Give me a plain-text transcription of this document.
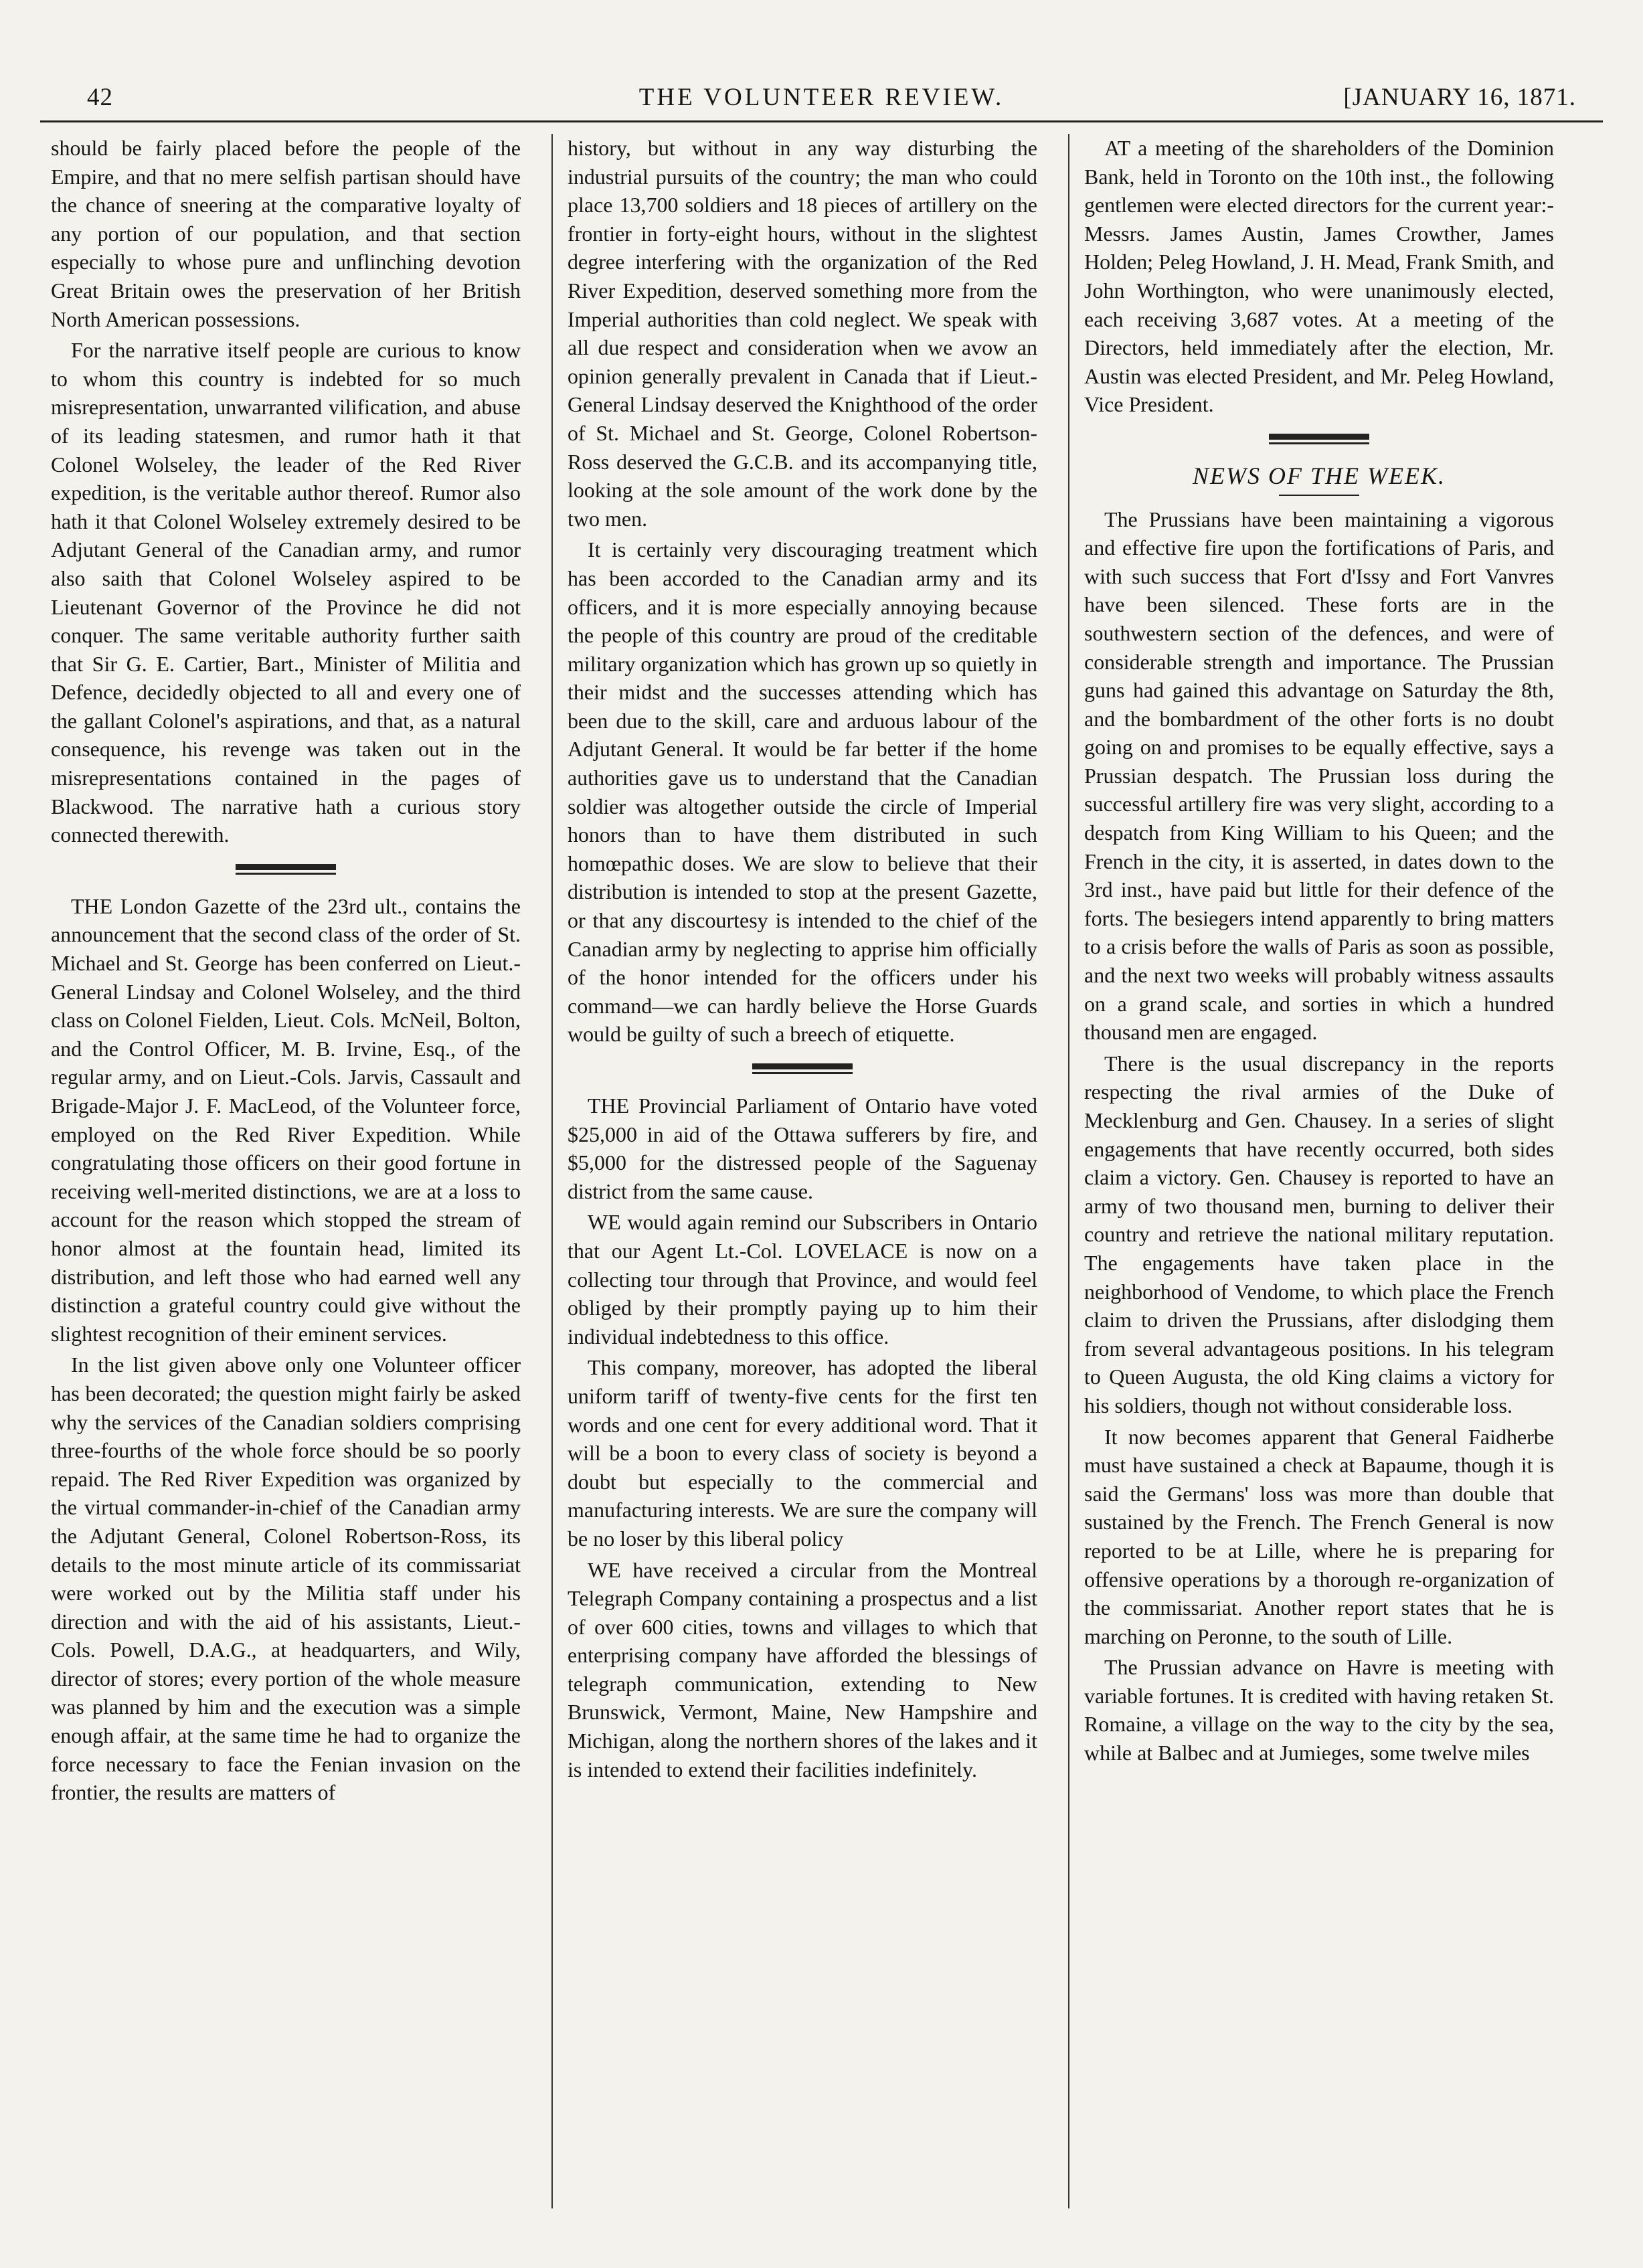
42	THE VOLUNTEER REVIEW.	[JANUARY 16, 1871.

should be fairly placed before the people of the Empire, and that no mere selfish partisan should have the chance of sneering at the comparative loyalty of any portion of our population, and that section especially to whose pure and unflinching devotion Great Britain owes the preservation of her British North American possessions.

For the narrative itself people are curious to know to whom this country is indebted for so much misrepresentation, unwarranted vilification, and abuse of its leading statesmen, and rumor hath it that Colonel Wolseley, the leader of the Red River expedition, is the veritable author thereof. Rumor also hath it that Colonel Wolseley extremely desired to be Adjutant General of the Canadian army, and rumor also saith that Colonel Wolseley aspired to be Lieutenant Governor of the Province he did not conquer. The same veritable authority further saith that Sir G. E. Cartier, Bart., Minister of Militia and Defence, decidedly objected to all and every one of the gallant Colonel's aspirations, and that, as a natural consequence, his revenge was taken out in the misrepresentations contained in the pages of Blackwood. The narrative hath a curious story connected therewith.

THE London Gazette of the 23rd ult., contains the announcement that the second class of the order of St. Michael and St. George has been conferred on Lieut.-General Lindsay and Colonel Wolseley, and the third class on Colonel Fielden, Lieut. Cols. McNeil, Bolton, and the Control Officer, M. B. Irvine, Esq., of the regular army, and on Lieut.-Cols. Jarvis, Cassault and Brigade-Major J. F. MacLeod, of the Volunteer force, employed on the Red River Expedition. While congratulating those officers on their good fortune in receiving well-merited distinctions, we are at a loss to account for the reason which stopped the stream of honor almost at the fountain head, limited its distribution, and left those who had earned well any distinction a grateful country could give without the slightest recognition of their eminent services.

In the list given above only one Volunteer officer has been decorated; the question might fairly be asked why the services of the Canadian soldiers comprising three-fourths of the whole force should be so poorly repaid. The Red River Expedition was organized by the virtual commander-in-chief of the Canadian army the Adjutant General, Colonel Robertson-Ross, its details to the most minute article of its commissariat were worked out by the Militia staff under his direction and with the aid of his assistants, Lieut.-Cols. Powell, D.A.G., at headquarters, and Wily, director of stores; every portion of the whole measure was planned by him and the execution was a simple enough affair, at the same time he had to organize the force necessary to face the Fenian invasion on the frontier, the results are matters of

history, but without in any way disturbing the industrial pursuits of the country; the man who could place 13,700 soldiers and 18 pieces of artillery on the frontier in forty-eight hours, without in the slightest degree interfering with the organization of the Red River Expedition, deserved something more from the Imperial authorities than cold neglect. We speak with all due respect and consideration when we avow an opinion generally prevalent in Canada that if Lieut.-General Lindsay deserved the Knighthood of the order of St. Michael and St. George, Colonel Robertson-Ross deserved the G.C.B. and its accompanying title, looking at the sole amount of the work done by the two men.

It is certainly very discouraging treatment which has been accorded to the Canadian army and its officers, and it is more especially annoying because the people of this country are proud of the creditable military organization which has grown up so quietly in their midst and the successes attending which has been due to the skill, care and arduous labour of the Adjutant General. It would be far better if the home authorities gave us to understand that the Canadian soldier was altogether outside the circle of Imperial honors than to have them distributed in such homœpathic doses. We are slow to believe that their distribution is intended to stop at the present Gazette, or that any discourtesy is intended to the chief of the Canadian army by neglecting to apprise him officially of the honor intended for the officers under his command—we can hardly believe the Horse Guards would be guilty of such a breech of etiquette.

THE Provincial Parliament of Ontario have voted $25,000 in aid of the Ottawa sufferers by fire, and $5,000 for the distressed people of the Saguenay district from the same cause.

WE would again remind our Subscribers in Ontario that our Agent Lt.-Col. LOVELACE is now on a collecting tour through that Province, and would feel obliged by their promptly paying up to him their individual indebtedness to this office.

This company, moreover, has adopted the liberal uniform tariff of twenty-five cents for the first ten words and one cent for every additional word. That it will be a boon to every class of society is beyond a doubt but especially to the commercial and manufacturing interests. We are sure the company will be no loser by this liberal policy

WE have received a circular from the Montreal Telegraph Company containing a prospectus and a list of over 600 cities, towns and villages to which that enterprising company have afforded the blessings of telegraph communication, extending to New Brunswick, Vermont, Maine, New Hampshire and Michigan, along the northern shores of the lakes and it is intended to extend their facilities indefinitely.

AT a meeting of the shareholders of the Dominion Bank, held in Toronto on the 10th inst., the following gentlemen were elected directors for the current year:- Messrs. James Austin, James Crowther, James Holden; Peleg Howland, J. H. Mead, Frank Smith, and John Worthington, who were unanimously elected, each receiving 3,687 votes. At a meeting of the Directors, held immediately after the election, Mr. Austin was elected President, and Mr. Peleg Howland, Vice President.

NEWS OF THE WEEK.

The Prussians have been maintaining a vigorous and effective fire upon the fortifications of Paris, and with such success that Fort d'Issy and Fort Vanvres have been silenced. These forts are in the southwestern section of the defences, and were of considerable strength and importance. The Prussian guns had gained this advantage on Saturday the 8th, and the bombardment of the other forts is no doubt going on and promises to be equally effective, says a Prussian despatch. The Prussian loss during the successful artillery fire was very slight, according to a despatch from King William to his Queen; and the French in the city, it is asserted, in dates down to the 3rd inst., have paid but little for their defence of the forts. The besiegers intend apparently to bring matters to a crisis before the walls of Paris as soon as possible, and the next two weeks will probably witness assaults on a grand scale, and sorties in which a hundred thousand men are engaged.

There is the usual discrepancy in the reports respecting the rival armies of the Duke of Mecklenburg and Gen. Chausey. In a series of slight engagements that have recently occurred, both sides claim a victory. Gen. Chausey is reported to have an army of two thousand men, burning to deliver their country and retrieve the national military reputation. The engagements have taken place in the neighborhood of Vendome, to which place the French claim to driven the Prussians, after dislodging them from several advantageous positions. In his telegram to Queen Augusta, the old King claims a victory for his soldiers, though not without considerable loss.

It now becomes apparent that General Faidherbe must have sustained a check at Bapaume, though it is said the Germans' loss was more than double that sustained by the French. The French General is now reported to be at Lille, where he is preparing for offensive operations by a thorough re-organization of the commissariat. Another report states that he is marching on Peronne, to the south of Lille.

The Prussian advance on Havre is meeting with variable fortunes. It is credited with having retaken St. Romaine, a village on the way to the city by the sea, while at Balbec and at Jumieges, some twelve miles
